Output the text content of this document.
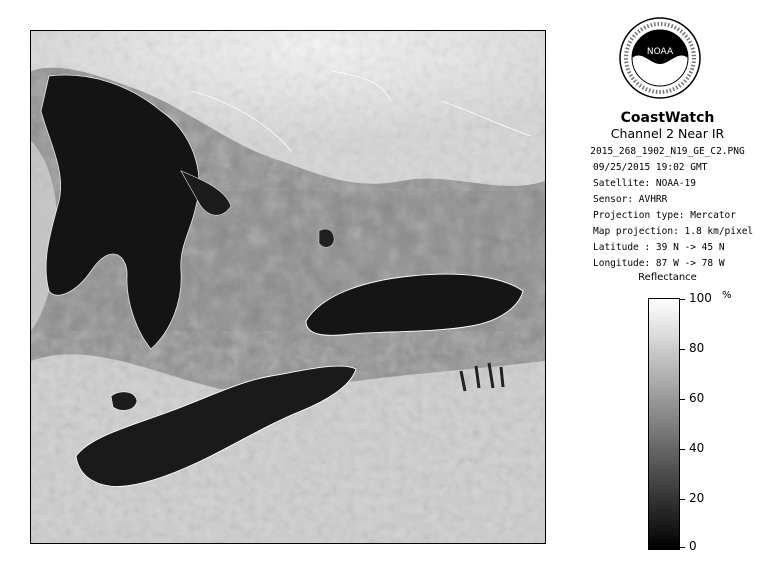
NOAA
CoastWatch
Channel 2 Near IR
2015_268_1902_N19_GE_C2.PNG
09/25/2015 19:02 GMT
Satellite: NOAA-19
Sensor: AVHRR
Projection type: Mercator
Map projection: 1.8 km/pixel
Latitude : 39 N -> 45 N
Longitude: 87 W -> 78 W
Reflectance
%
100
80
60
40
20
0
